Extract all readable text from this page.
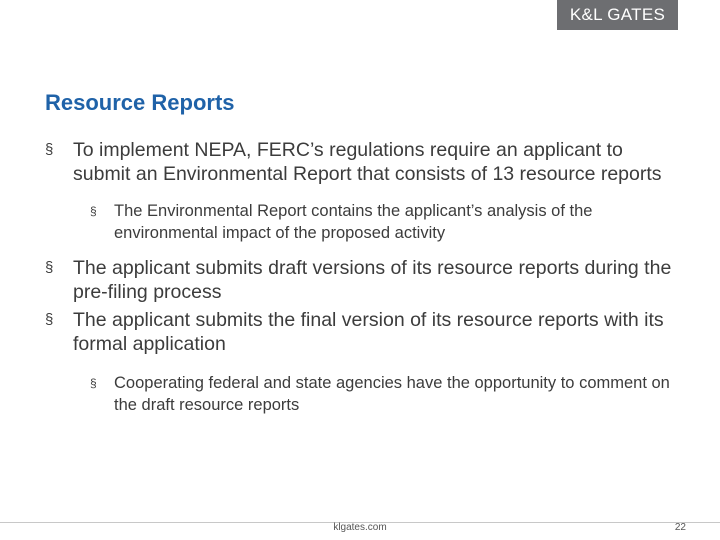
K&L GATES
Resource Reports
§ To implement NEPA, FERC’s regulations require an applicant to submit an Environmental Report that consists of 13 resource reports
§ The Environmental Report contains the applicant’s analysis of the environmental impact of the proposed activity
§ The applicant submits draft versions of its resource reports during the pre-filing process
§ The applicant submits the final version of its resource reports with its formal application
§ Cooperating federal and state agencies have the opportunity to comment on the draft resource reports
klgates.com	22
